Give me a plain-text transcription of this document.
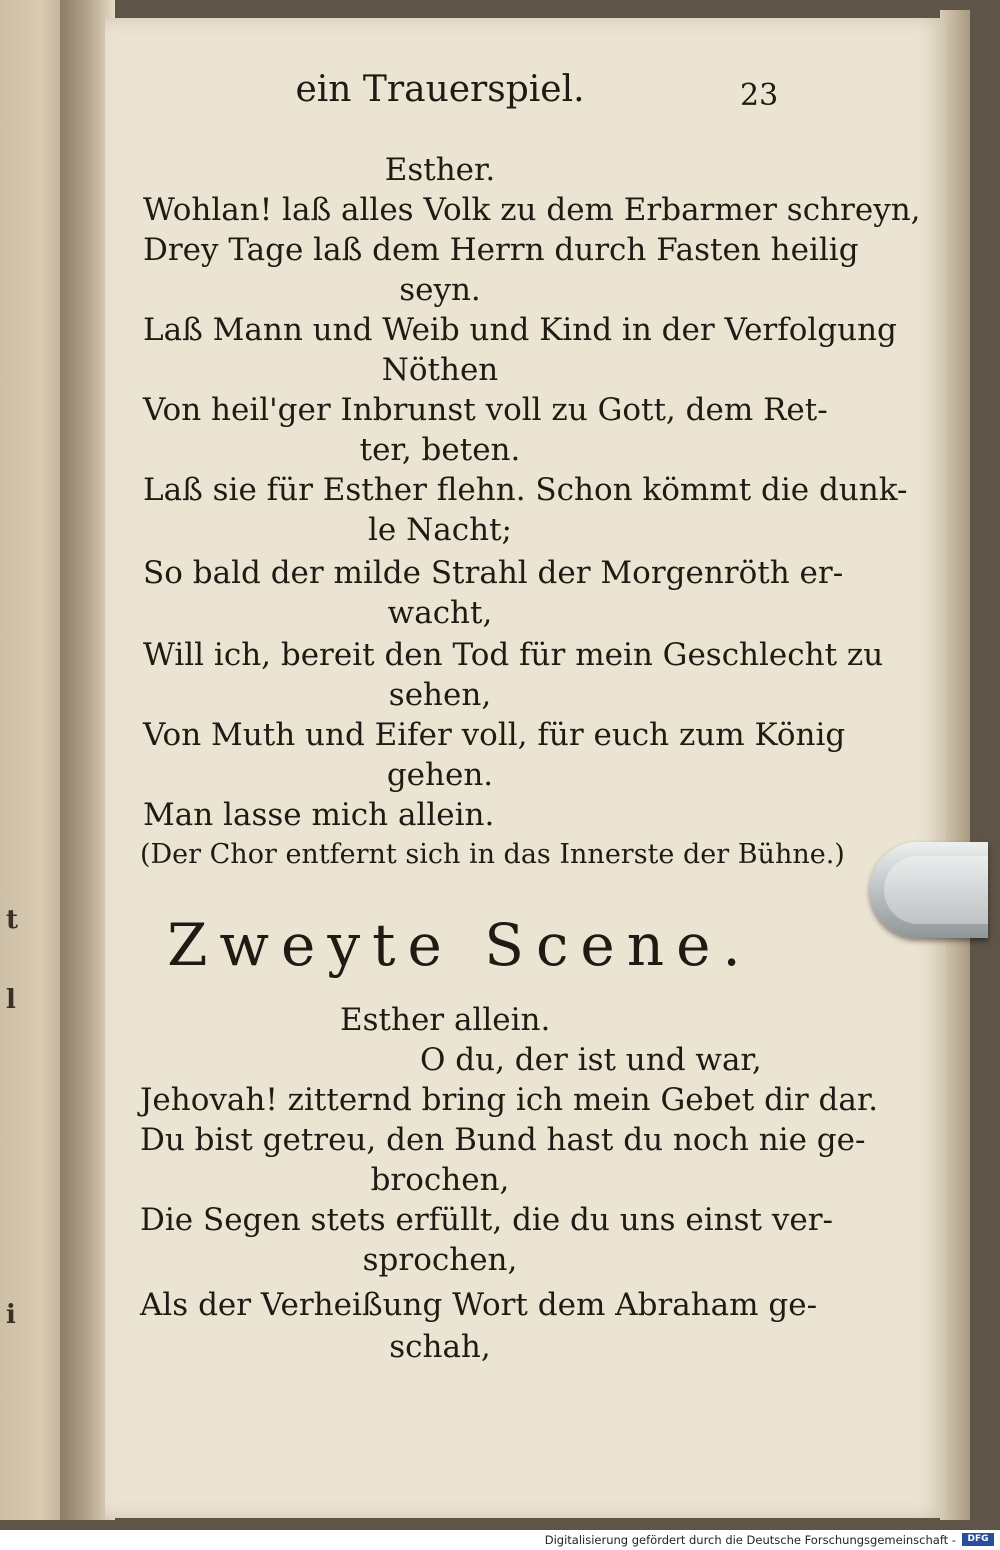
t
l
i
ein Trauerspiel.	23
Esther.
Wohlan! laß alles Volk zu dem Erbarmer schreyn,
Drey Tage laß dem Herrn durch Fasten heilig
seyn.
Laß Mann und Weib und Kind in der Verfolgung
Nöthen
Von heil'ger Inbrunst voll zu Gott, dem Ret-
ter, beten.
Laß sie für Esther flehn. Schon kömmt die dunk-
le Nacht;
So bald der milde Strahl der Morgenröth er-
wacht,
Will ich, bereit den Tod für mein Geschlecht zu
sehen,
Von Muth und Eifer voll, für euch zum König
gehen.
Man lasse mich allein.
(Der Chor entfernt sich in das Innerste der Bühne.)
Zweyte Scene.
Esther allein.
O du, der ist und war,
Jehovah! zitternd bring ich mein Gebet dir dar.
Du bist getreu, den Bund hast du noch nie ge-
brochen,
Die Segen stets erfüllt, die du uns einst ver-
sprochen,
Als der Verheißung Wort dem Abraham ge-
schah,
Digitalisierung gefördert durch die Deutsche Forschungsgemeinschaft -	DFG
